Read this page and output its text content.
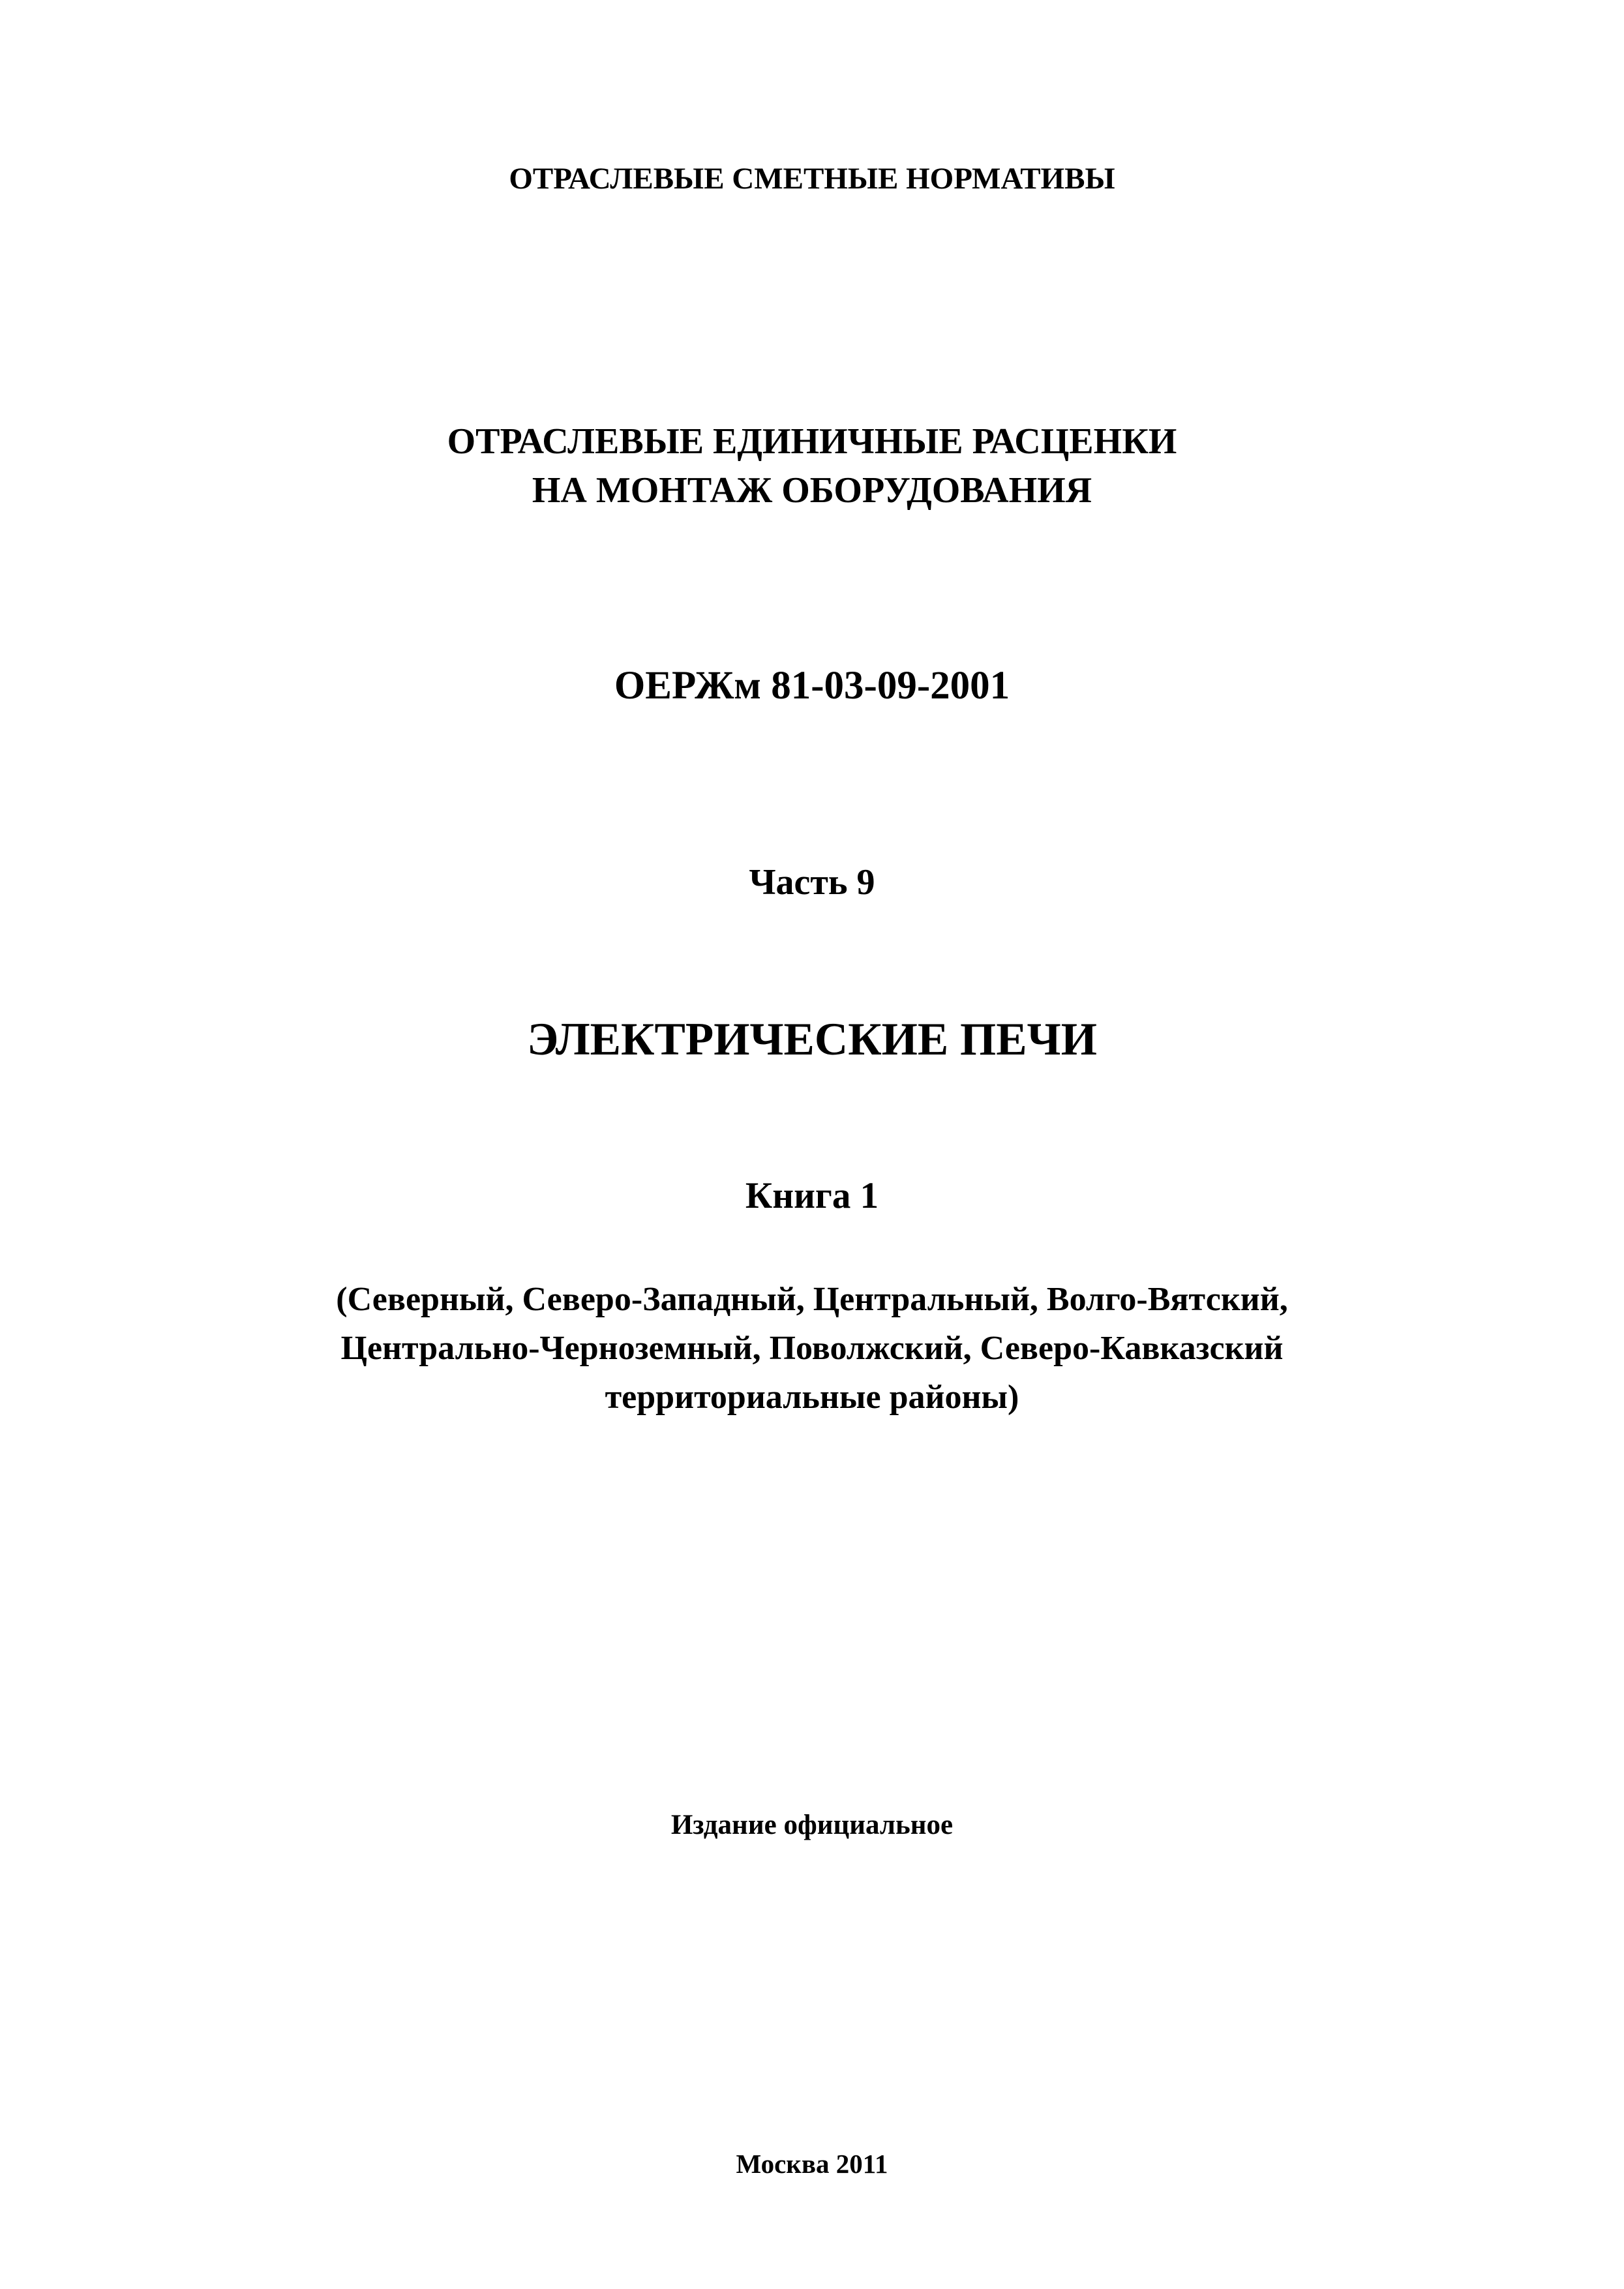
ОТРАСЛЕВЫЕ СМЕТНЫЕ НОРМАТИВЫ
ОТРАСЛЕВЫЕ ЕДИНИЧНЫЕ РАСЦЕНКИ
НА МОНТАЖ ОБОРУДОВАНИЯ
ОЕРЖм 81-03-09-2001
Часть 9
ЭЛЕКТРИЧЕСКИЕ ПЕЧИ
Книга 1
(Северный, Северо-Западный, Центральный, Волго-Вятский,
Центрально-Черноземный, Поволжский, Северо-Кавказский
территориальные районы)
Издание официальное
Москва 2011
